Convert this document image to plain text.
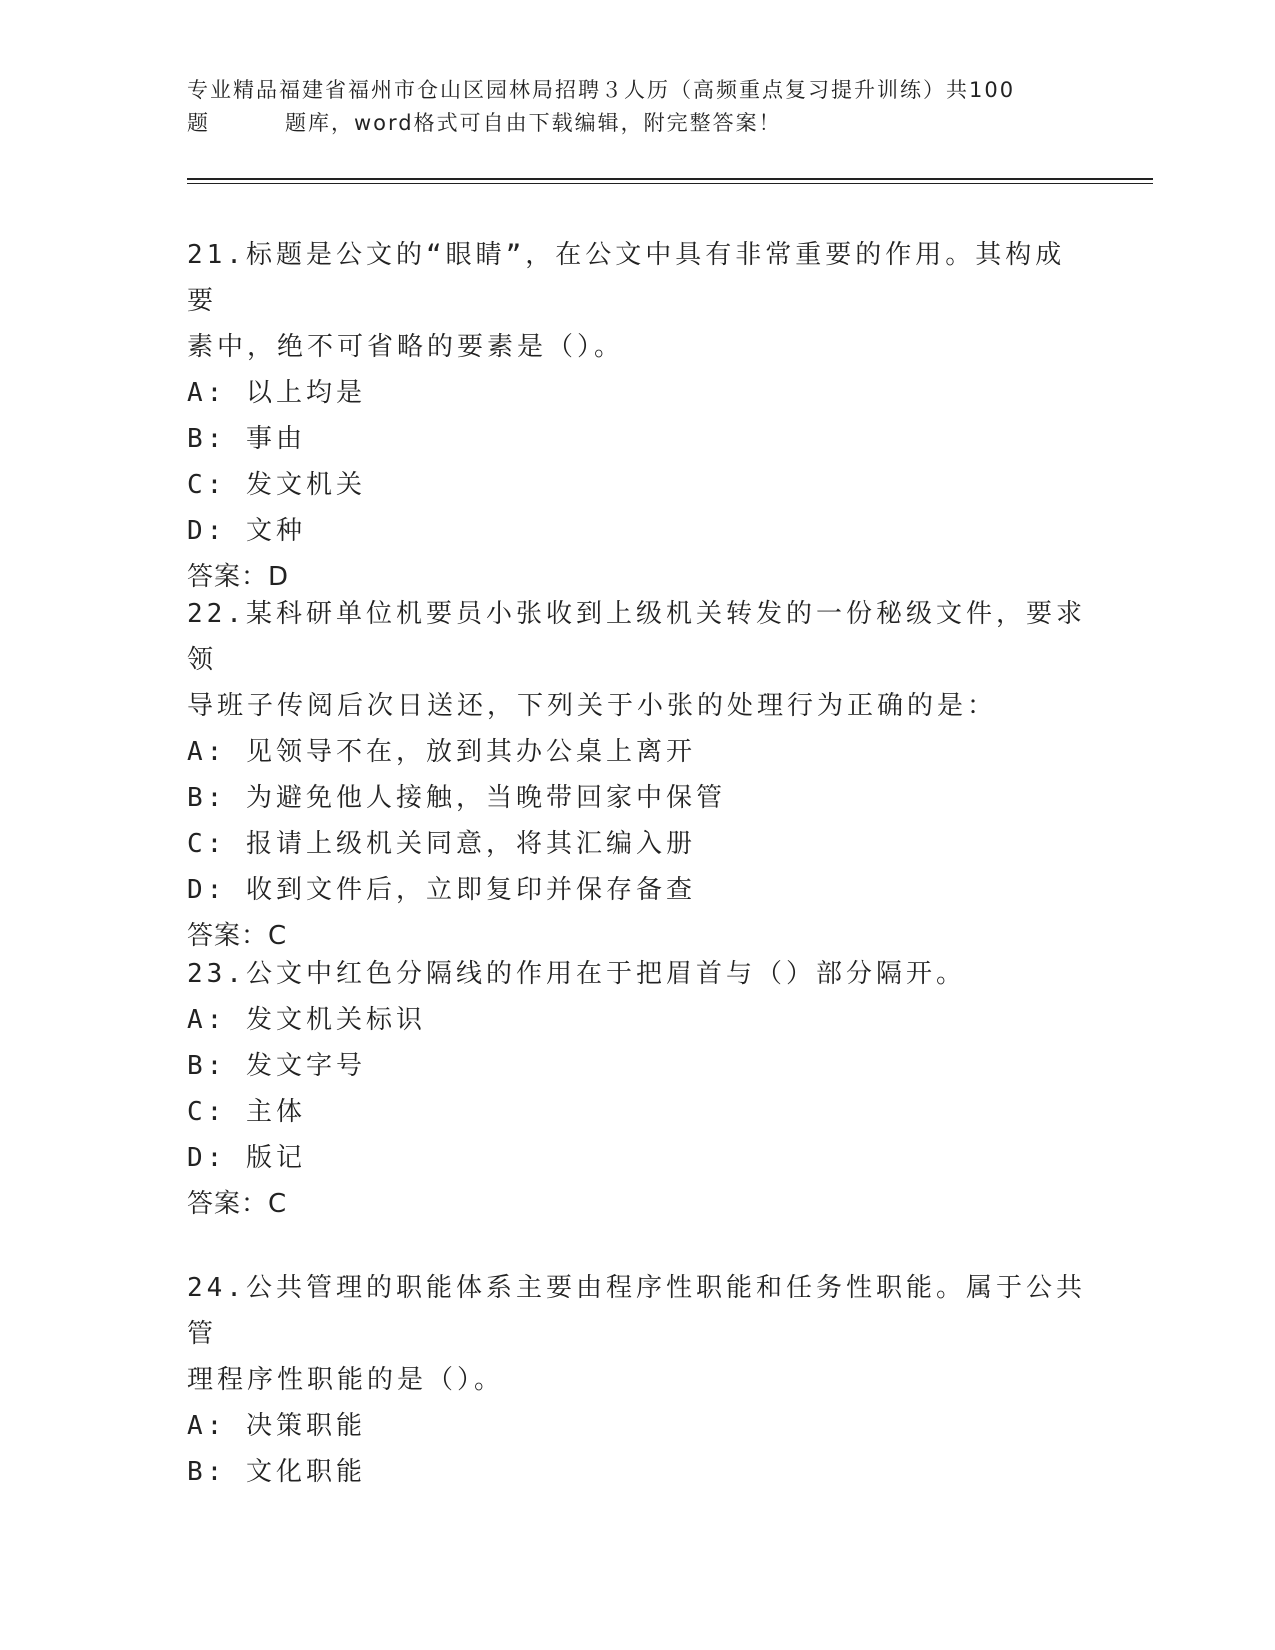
专业精品福建省福州市仓山区园林局招聘３人历（高频重点复习提升训练）共100
题	题库，word格式可自由下载编辑，附完整答案！
21.标题是公文的“眼睛”，在公文中具有非常重要的作用。其构成要
素中，绝不可省略的要素是（）。
A: 以上均是
B: 事由
C: 发文机关
D: 文种
答案：D
22.某科研单位机要员小张收到上级机关转发的一份秘级文件，要求领
导班子传阅后次日送还，下列关于小张的处理行为正确的是：
A: 见领导不在，放到其办公桌上离开
B: 为避免他人接触，当晚带回家中保管
C: 报请上级机关同意，将其汇编入册
D: 收到文件后，立即复印并保存备查
答案：C
23.公文中红色分隔线的作用在于把眉首与（）部分隔开。
A: 发文机关标识
B: 发文字号
C: 主体
D: 版记
答案：C
24.公共管理的职能体系主要由程序性职能和任务性职能。属于公共管
理程序性职能的是（）。
A: 决策职能
B: 文化职能
